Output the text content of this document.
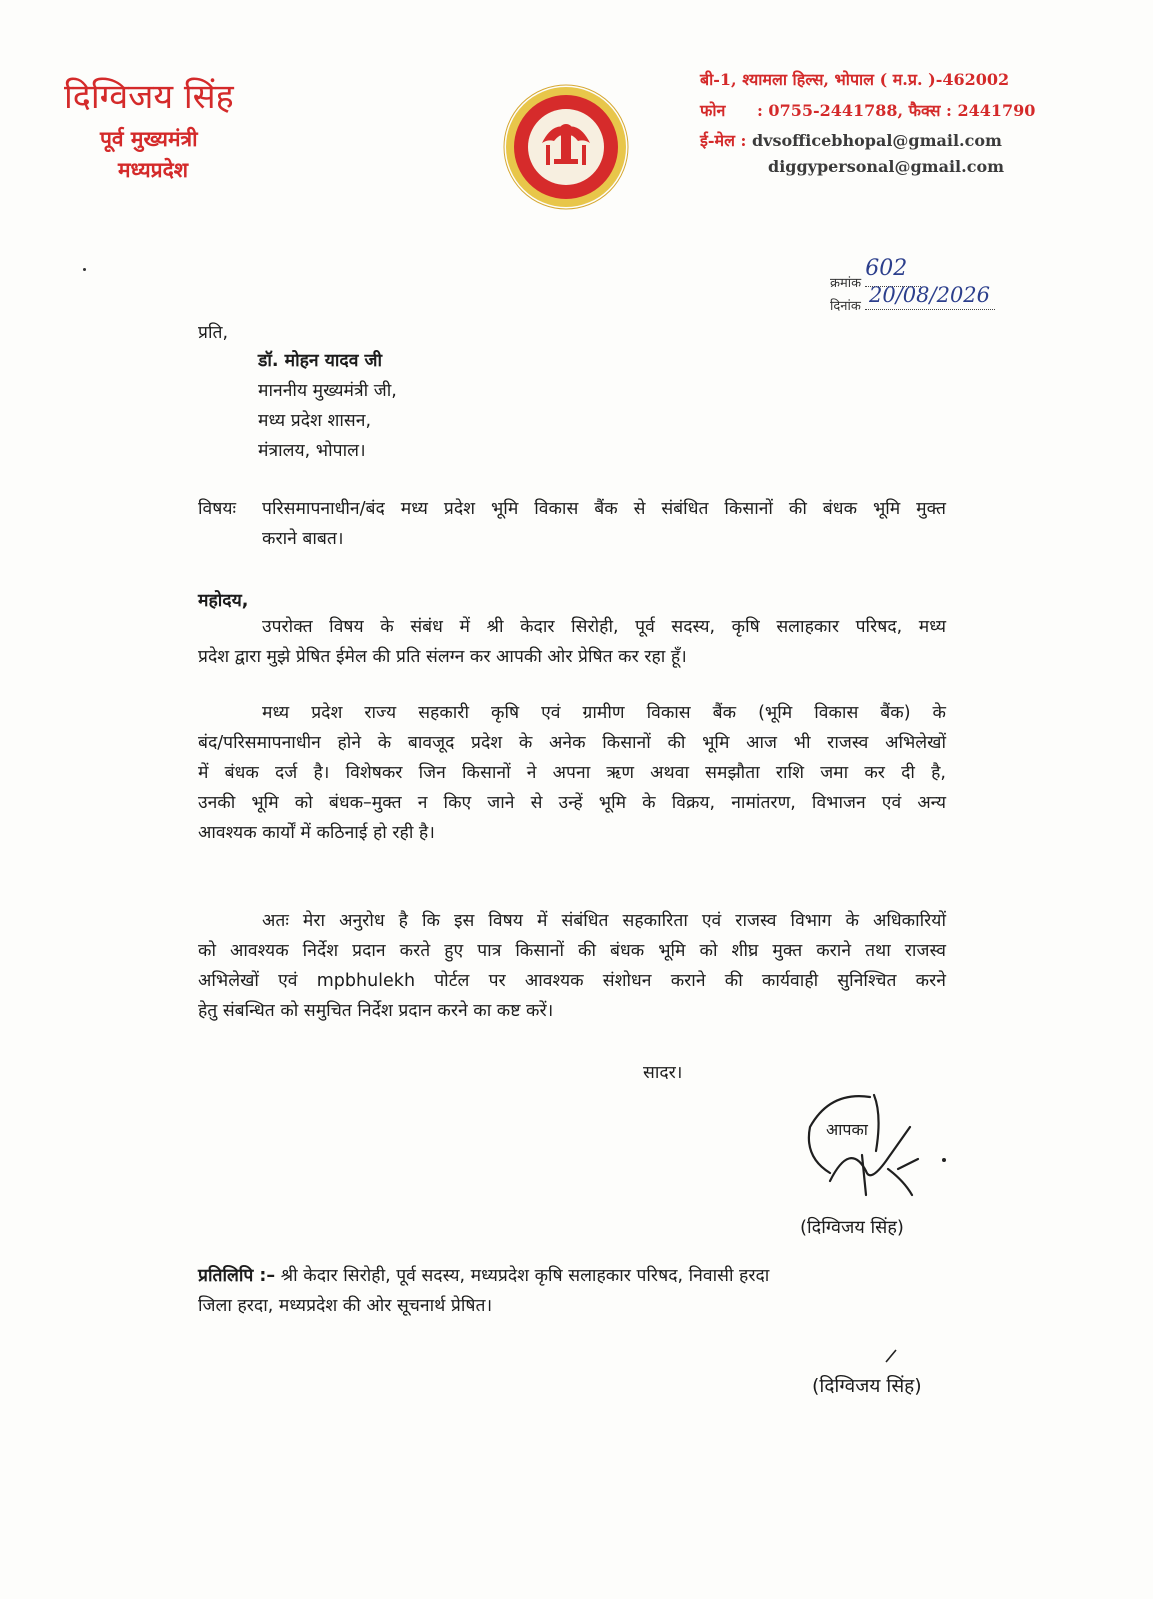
दिग्विजय सिंह
पूर्व मुख्यमंत्री
मध्यप्रदेश
बी-1, श्यामला हिल्स, भोपाल ( म.प्र. )-462002
फोन : 0755-2441788, फैक्स : 2441790
ई-मेल : dvsofficebhopal@gmail.com
diggypersonal@gmail.com
क्रमांक
602
दिनांक 20/08/2026
प्रति,
डॉ. मोहन यादव जी
माननीय मुख्यमंत्री जी,
मध्य प्रदेश शासन,
मंत्रालय, भोपाल।
विषयः परिसमापनाधीन/बंद मध्य प्रदेश भूमि विकास बैंक से संबंधित किसानों की बंधक भूमि मुक्त
कराने बाबत।
महोदय,
उपरोक्त विषय के संबंध में श्री केदार सिरोही, पूर्व सदस्य, कृषि सलाहकार परिषद, मध्य
प्रदेश द्वारा मुझे प्रेषित ईमेल की प्रति संलग्न कर आपकी ओर प्रेषित कर रहा हूँ।
मध्य प्रदेश राज्य सहकारी कृषि एवं ग्रामीण विकास बैंक (भूमि विकास बैंक) के
बंद/परिसमापनाधीन होने के बावजूद प्रदेश के अनेक किसानों की भूमि आज भी राजस्व अभिलेखों
में बंधक दर्ज है। विशेषकर जिन किसानों ने अपना ऋण अथवा समझौता राशि जमा कर दी है,
उनकी भूमि को बंधक–मुक्त न किए जाने से उन्हें भूमि के विक्रय, नामांतरण, विभाजन एवं अन्य
आवश्यक कार्यों में कठिनाई हो रही है।
अतः मेरा अनुरोध है कि इस विषय में संबंधित सहकारिता एवं राजस्व विभाग के अधिकारियों
को आवश्यक निर्देश प्रदान करते हुए पात्र किसानों की बंधक भूमि को शीघ्र मुक्त कराने तथा राजस्व
अभिलेखों एवं mpbhulekh पोर्टल पर आवश्यक संशोधन कराने की कार्यवाही सुनिश्चित करने
हेतु संबन्धित को समुचित निर्देश प्रदान करने का कष्ट करें।
सादर।
आपका
(दिग्विजय सिंह)
प्रतिलिपि :– श्री केदार सिरोही, पूर्व सदस्य, मध्यप्रदेश कृषि सलाहकार परिषद, निवासी हरदा
जिला हरदा, मध्यप्रदेश की ओर सूचनार्थ प्रेषित।
(दिग्विजय सिंह)
